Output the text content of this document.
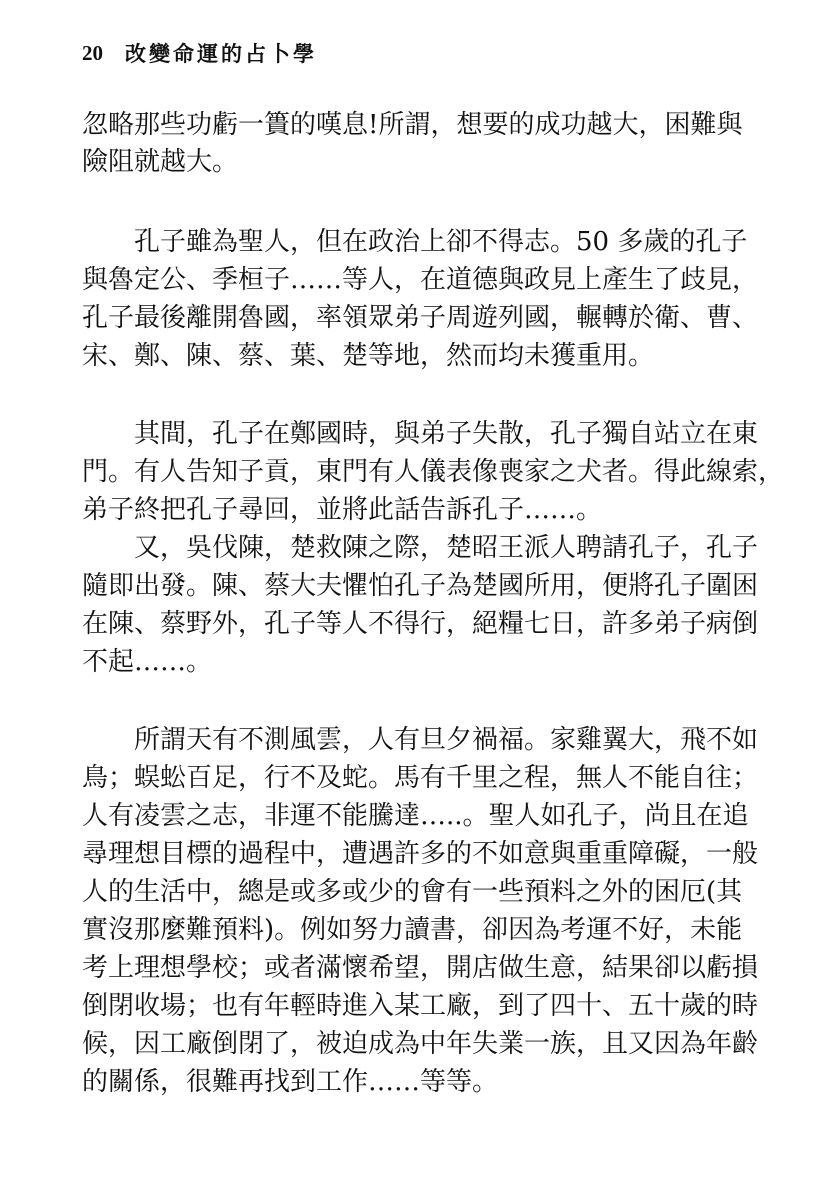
20 改變命運的占卜學
忽略那些功虧一簣的嘆息!所謂，想要的成功越大，困難與
險阻就越大。
孔子雖為聖人，但在政治上卻不得志。50 多歲的孔子
與魯定公、季桓子……等人，在道德與政見上產生了歧見，
孔子最後離開魯國，率領眾弟子周遊列國，輾轉於衛、曹、
宋、鄭、陳、蔡、葉、楚等地，然而均未獲重用。
其間，孔子在鄭國時，與弟子失散，孔子獨自站立在東
門。有人告知子貢，東門有人儀表像喪家之犬者。得此線索，
弟子終把孔子尋回，並將此話告訴孔子……。
又，吳伐陳，楚救陳之際，楚昭王派人聘請孔子，孔子
隨即出發。陳、蔡大夫懼怕孔子為楚國所用，便將孔子圍困
在陳、蔡野外，孔子等人不得行，絕糧七日，許多弟子病倒
不起……。
所謂天有不測風雲，人有旦夕禍福。家雞翼大，飛不如
鳥；蜈蚣百足，行不及蛇。馬有千里之程，無人不能自往；
人有凌雲之志，非運不能騰達…..。聖人如孔子，尚且在追
尋理想目標的過程中，遭遇許多的不如意與重重障礙，一般
人的生活中，總是或多或少的會有一些預料之外的困厄(其
實沒那麼難預料)。例如努力讀書，卻因為考運不好，未能
考上理想學校；或者滿懷希望，開店做生意，結果卻以虧損
倒閉收場；也有年輕時進入某工廠，到了四十、五十歲的時
候，因工廠倒閉了，被迫成為中年失業一族，且又因為年齡
的關係，很難再找到工作……等等。
